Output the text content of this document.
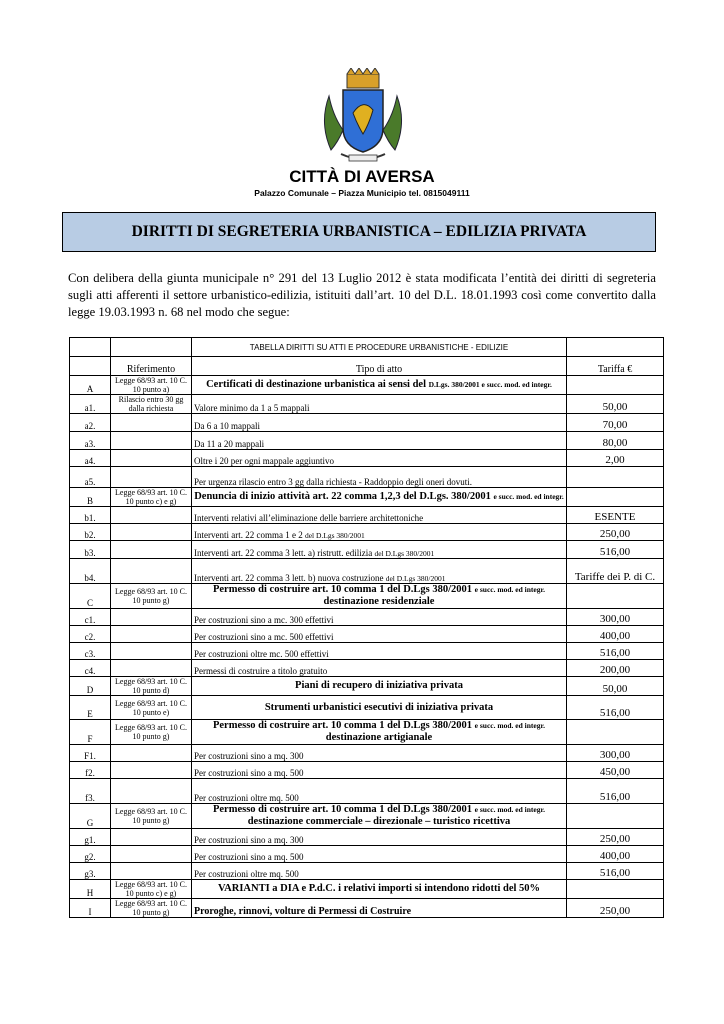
CITTÀ DI AVERSA
Palazzo Comunale – Piazza Municipio tel. 0815049111
DIRITTI DI SEGRETERIA URBANISTICA – EDILIZIA PRIVATA
Con delibera della giunta municipale n° 291 del 13 Luglio 2012 è stata modificata l’entità dei diritti di segreteria sugli atti afferenti il settore urbanistico-edilizia, istituiti dall’art. 10 del D.L. 18.01.1993 così come convertito dalla legge 19.03.1993 n. 68 nel modo che segue:
		TABELLA DIRITTI SU ATTI E PROCEDURE URBANISTICHE - EDILIZIE	
	Riferimento	Tipo di atto	Tariffa €
A	Legge 68/93 art. 10 C. 10 punto a)	Certificati di destinazione urbanistica ai sensi del D.Lgs. 380/2001 e succ. mod. ed integr.	
a1.	Rilascio entro 30 gg dalla richiesta	Valore minimo da 1 a 5 mappali	50,00
a2.		Da 6 a 10 mappali	70,00
a3.		Da 11 a 20 mappali	80,00
a4.		Oltre i 20 per ogni mappale aggiuntivo	2,00
a5.		Per urgenza rilascio entro 3 gg dalla richiesta - Raddoppio degli oneri dovuti.	
B	Legge 68/93 art. 10 C. 10 punto c) e g)	Denuncia di inizio attività art. 22 comma 1,2,3 del D.Lgs. 380/2001 e succ. mod. ed integr.	
b1.		Interventi relativi all’eliminazione delle barriere architettoniche	ESENTE
b2.		Interventi art. 22 comma 1 e 2 del D.Lgs 380/2001	250,00
b3.		Interventi art. 22 comma 3 lett. a) ristrutt. edilizia del D.Lgs 380/2001	516,00
b4.		Interventi art. 22 comma 3 lett. b) nuova costruzione del D.Lgs 380/2001	Tariffe dei P. di C.
C	Legge 68/93 art. 10 C. 10 punto g)	Permesso di costruire art. 10 comma 1 del D.Lgs 380/2001 e succ. mod. ed integr. destinazione residenziale	
c1.		Per costruzioni sino a mc. 300 effettivi	300,00
c2.		Per costruzioni sino a mc. 500 effettivi	400,00
c3.		Per costruzioni oltre mc. 500 effettivi	516,00
c4.		Permessi di costruire a titolo gratuito	200,00
D	Legge 68/93 art. 10 C. 10 punto d)	Piani di recupero di iniziativa privata	50,00
E	Legge 68/93 art. 10 C. 10 punto e)	Strumenti urbanistici esecutivi di iniziativa privata	516,00
F	Legge 68/93 art. 10 C. 10 punto g)	Permesso di costruire art. 10 comma 1 del D.Lgs 380/2001 e succ. mod. ed integr. destinazione artigianale	
F1.		Per costruzioni sino a mq. 300	300,00
f2.		Per costruzioni sino a mq. 500	450,00
f3.		Per costruzioni oltre mq. 500	516,00
G	Legge 68/93 art. 10 C. 10 punto g)	Permesso di costruire art. 10 comma 1 del D.Lgs 380/2001 e succ. mod. ed integr. destinazione commerciale – direzionale – turistico ricettiva	
g1.		Per costruzioni sino a mq. 300	250,00
g2.		Per costruzioni sino a mq. 500	400,00
g3.		Per costruzioni oltre mq. 500	516,00
H	Legge 68/93 art. 10 C. 10 punto c) e g)	VARIANTI a DIA e P.d.C. i relativi importi si intendono ridotti del 50%	
I	Legge 68/93 art. 10 C. 10 punto g)	Proroghe, rinnovi, volture di Permessi di Costruire	250,00
